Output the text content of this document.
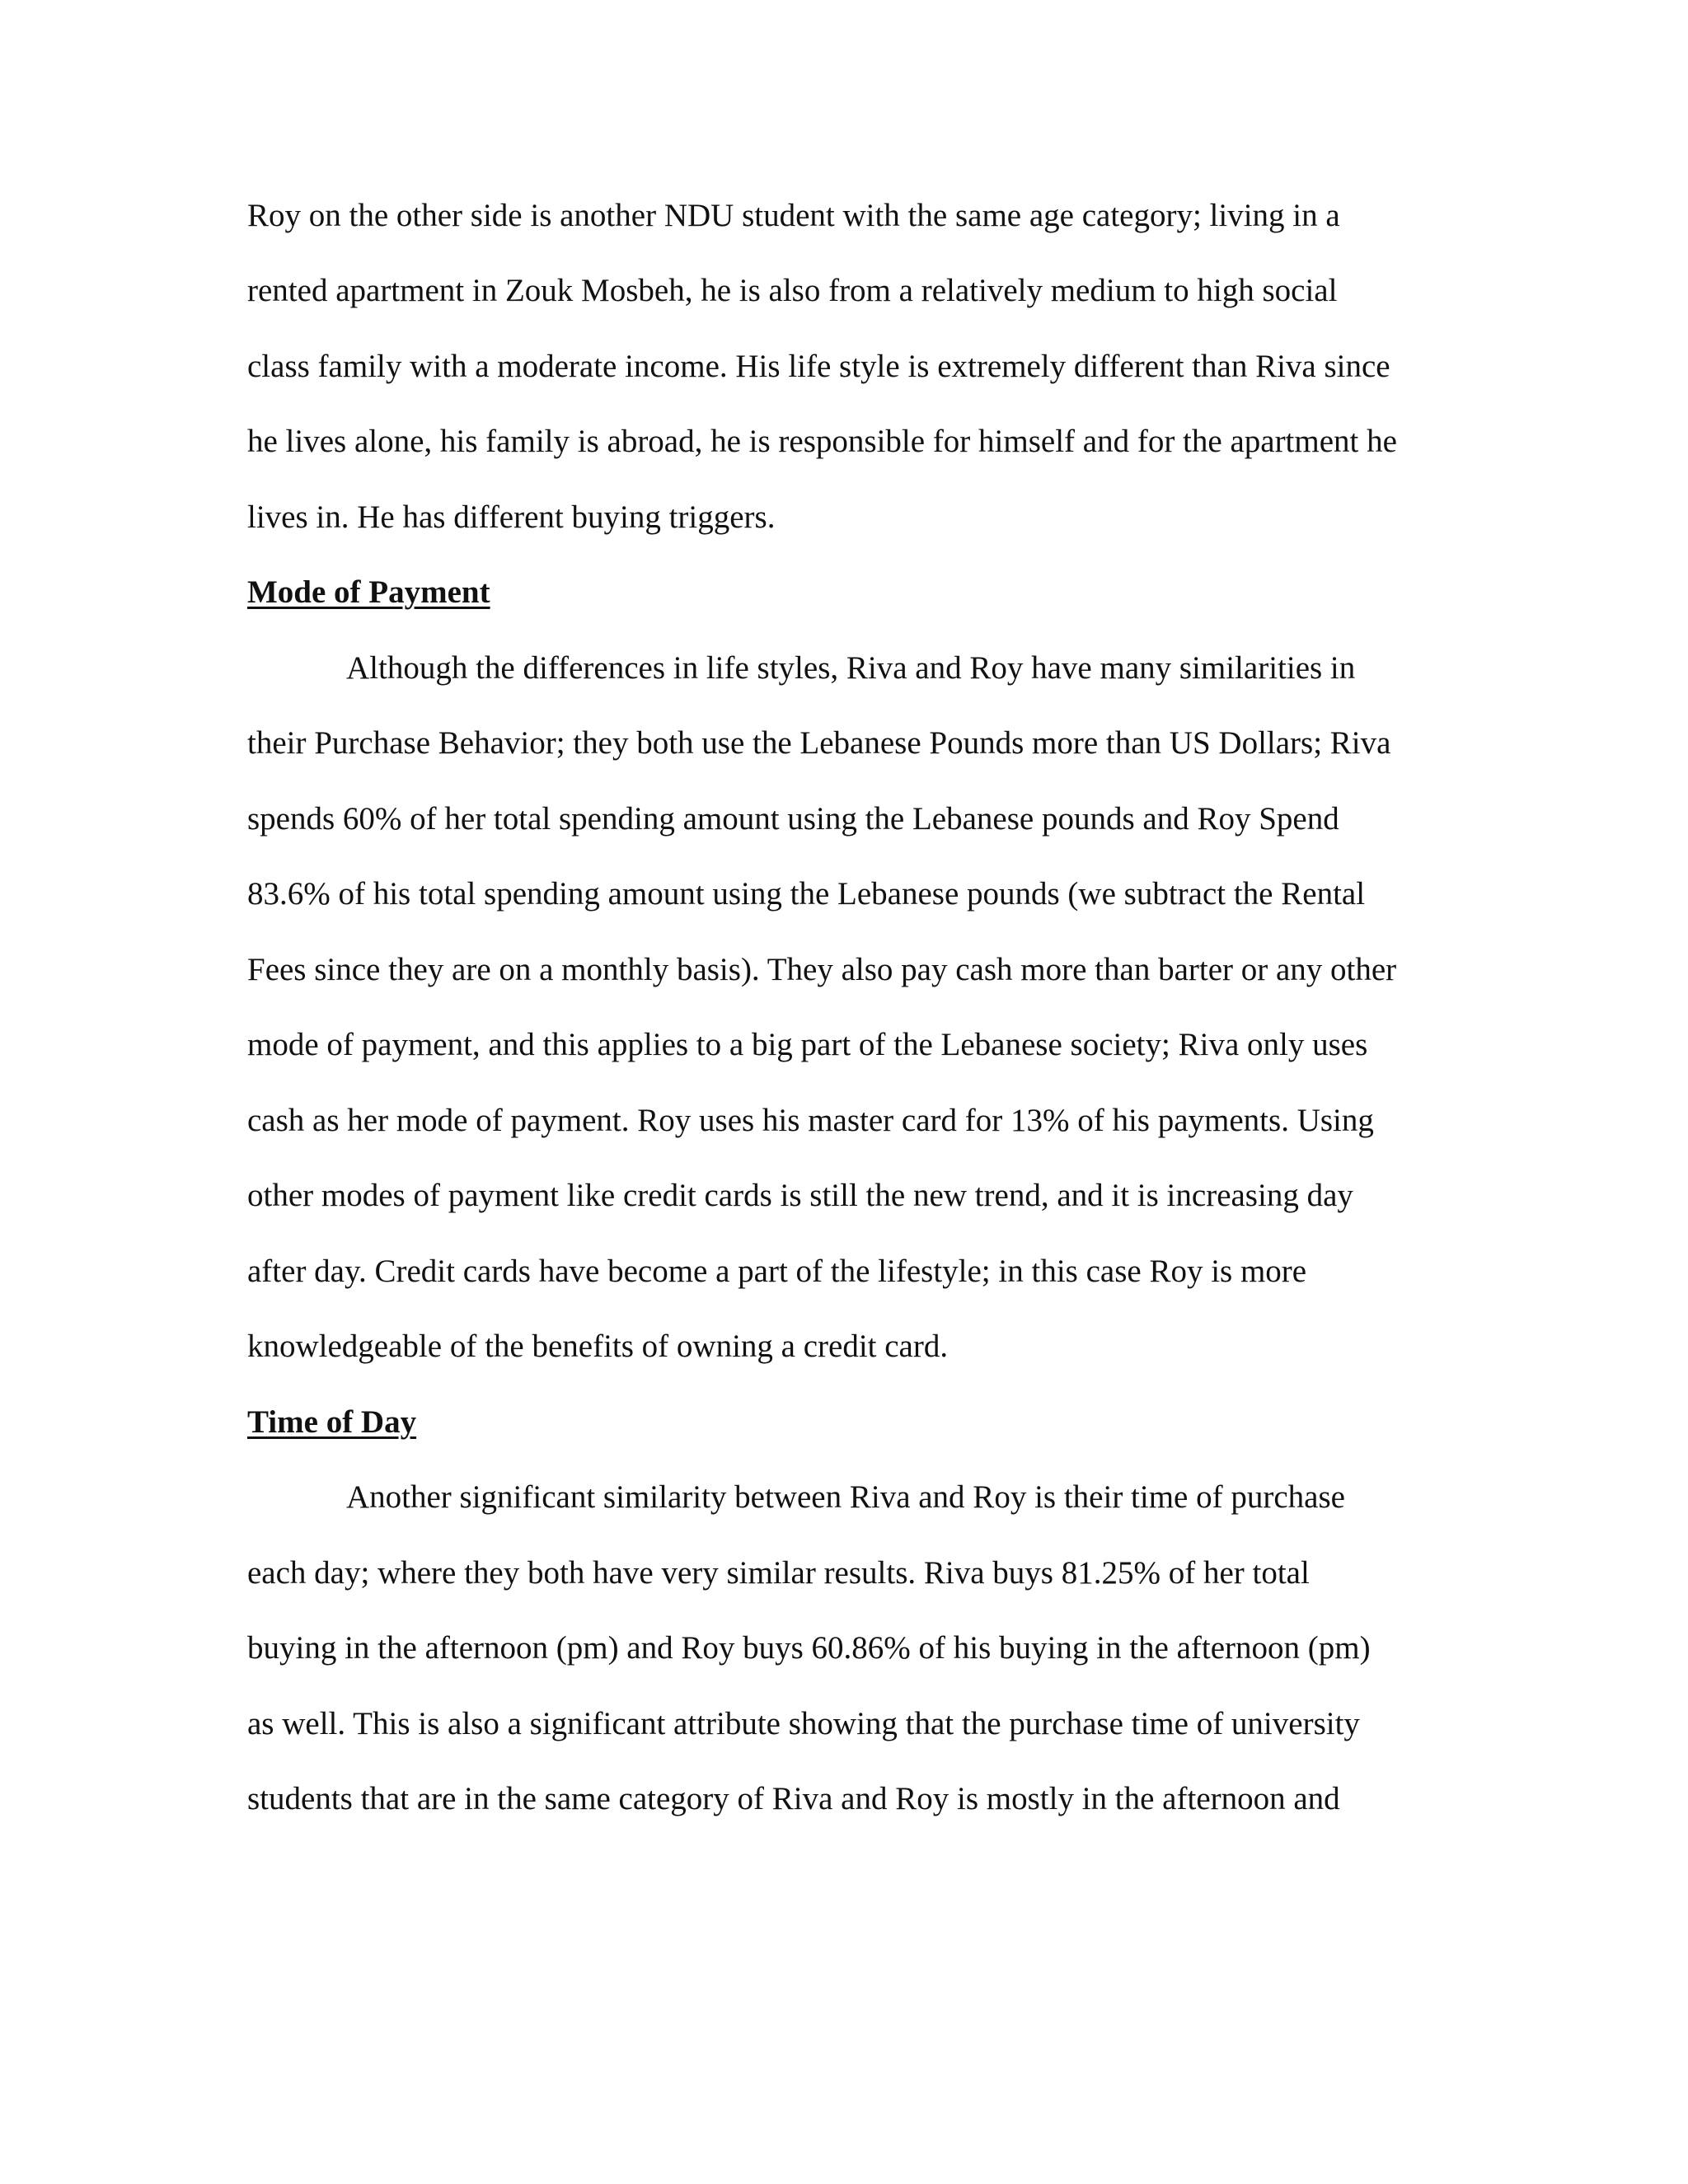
Roy on the other side is another NDU student with the same age category; living in a
rented apartment in Zouk Mosbeh, he is also from a relatively medium to high social
class family with a moderate income. His life style is extremely different than Riva since
he lives alone, his family is abroad, he is responsible for himself and for the apartment he
lives in. He has different buying triggers.
Mode of Payment
Although the differences in life styles, Riva and Roy have many similarities in
their Purchase Behavior; they both use the Lebanese Pounds more than US Dollars; Riva
spends 60% of her total spending amount using the Lebanese pounds and Roy Spend
83.6% of his total spending amount using the Lebanese pounds (we subtract the Rental
Fees since they are on a monthly basis). They also pay cash more than barter or any other
mode of payment, and this applies to a big part of the Lebanese society; Riva only uses
cash as her mode of payment. Roy uses his master card for 13% of his payments. Using
other modes of payment like credit cards is still the new trend, and it is increasing day
after day. Credit cards have become a part of the lifestyle; in this case Roy is more
knowledgeable of the benefits of owning a credit card.
Time of Day
Another significant similarity between Riva and Roy is their time of purchase
each day; where they both have very similar results. Riva buys 81.25% of her total
buying in the afternoon (pm) and Roy buys 60.86% of his buying in the afternoon (pm)
as well. This is also a significant attribute showing that the purchase time of university
students that are in the same category of Riva and Roy is mostly in the afternoon and
